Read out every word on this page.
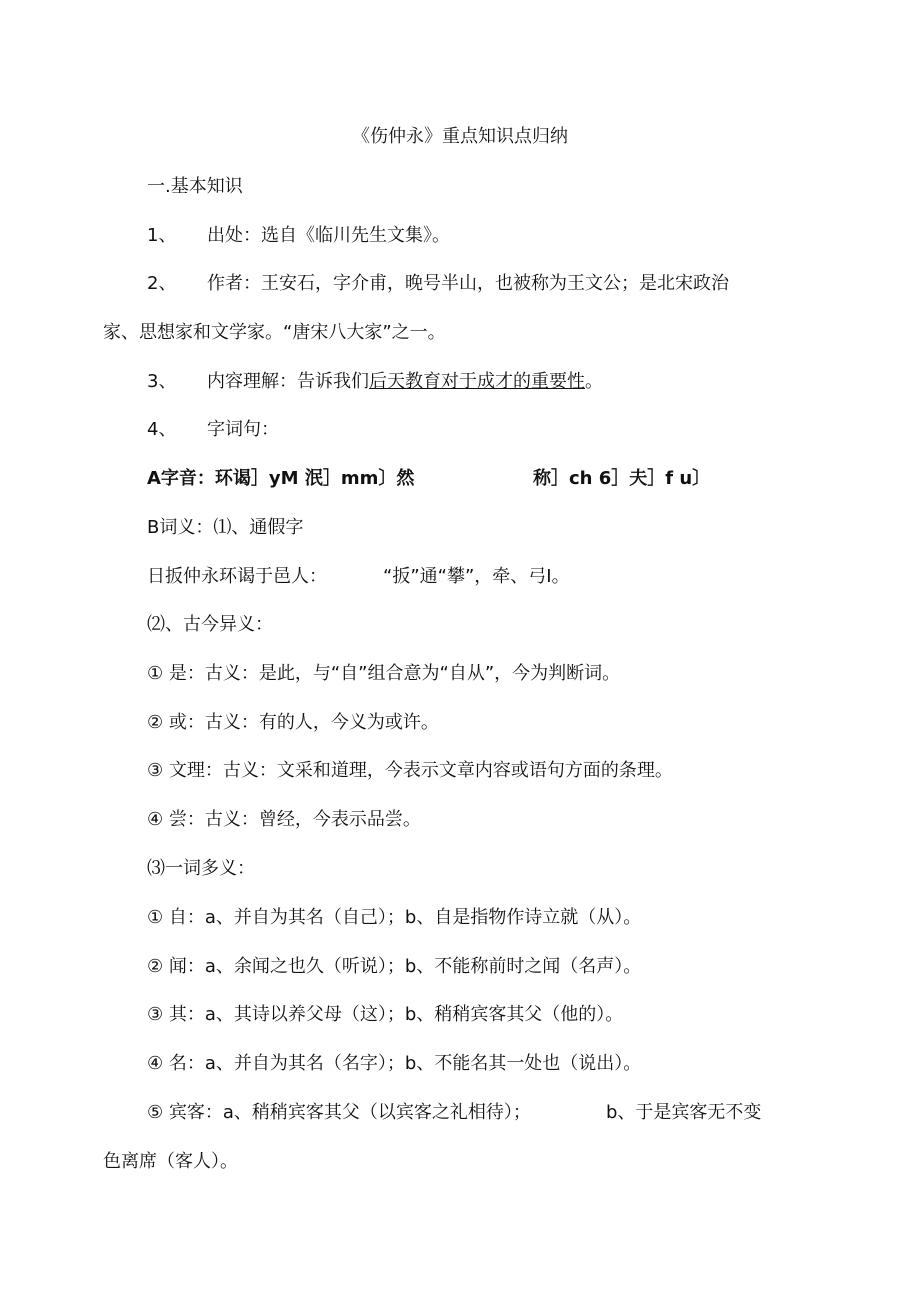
《伤仲永》重点知识点归纳
一.基本知识
1、 出处：选自《临川先生文集》。
2、 作者：王安石，字介甫，晚号半山，也被称为王文公；是北宋政治
家、思想家和文学家。“唐宋八大家”之一。
3、 内容理解：告诉我们后天教育对于成才的重要性。
4、 字词句：
A字音：环谒］yM 泯］mm〕然	称］ch 6］夫］f u〕
B词义：⑴、通假字
日扳仲永环谒于邑人：	“扳”通“攀”，牵、弓I。
⑵、古今异义：
① 是：古义：是此，与“自”组合意为“自从”，今为判断词。
② 或：古义：有的人，今义为或许。
③ 文理：古义：文采和道理，今表示文章内容或语句方面的条理。
④ 尝：古义：曾经，今表示品尝。
⑶一词多义：
① 自：a、并自为其名（自己）；b、自是指物作诗立就（从）。
② 闻：a、余闻之也久（听说）；b、不能称前时之闻（名声）。
③ 其：a、其诗以养父母（这）；b、稍稍宾客其父（他的）。
④ 名：a、并自为其名（名字）；b、不能名其一处也（说出）。
⑤ 宾客：a、稍稍宾客其父（以宾客之礼相待）；	b、于是宾客无不变
色离席（客人）。
